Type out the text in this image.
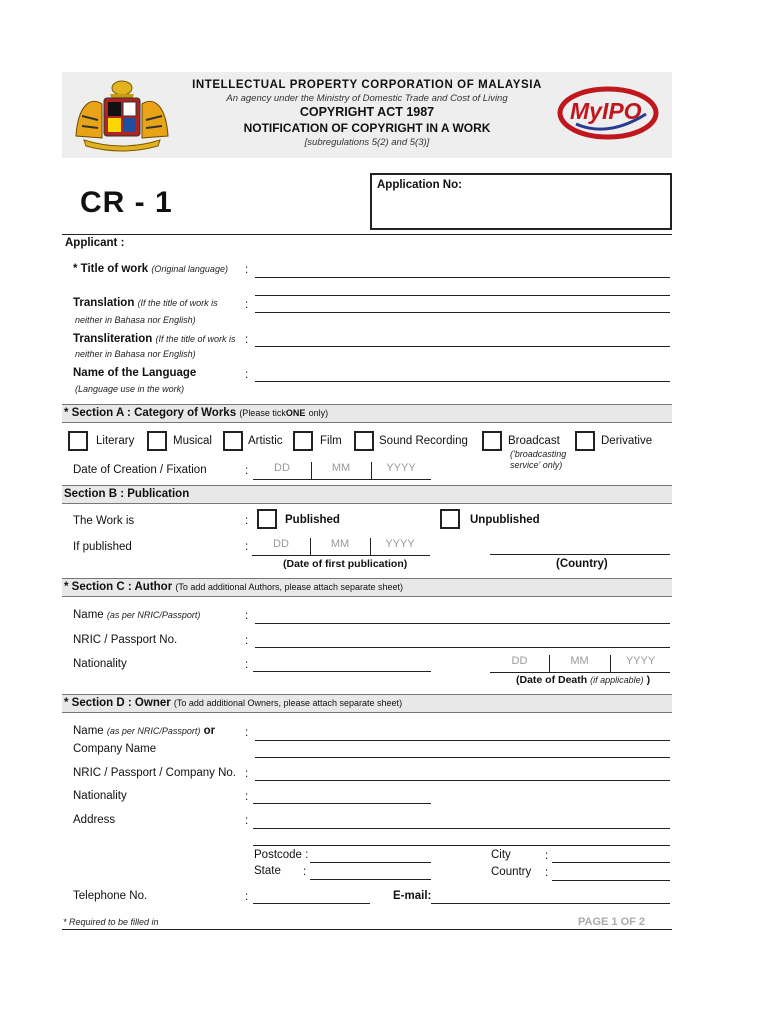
INTELLECTUAL PROPERTY CORPORATION OF MALAYSIA
An agency under the Ministry of Domestic Trade and Cost of Living
COPYRIGHT ACT 1987
NOTIFICATION OF COPYRIGHT IN A WORK
[subregulations 5(2) and 5(3)]
MyIPO
CR - 1
Application No:
Applicant :
* Title of work (Original language) :
Translation (If the title of work is
neither in Bahasa nor English)
:
Transliteration (If the title of work is
neither in Bahasa nor English)
:
Name of the Language
(Language use in the work)
:
* Section A : Category of Works (Please tickONE only)
Literary	Musical	Artistic	Film	Sound Recording	Broadcast
('broadcasting
service' only)
Derivative
Date of Creation / Fixation	:	DD	MM	YYYY
Section B : Publication
The Work is	:	Published	Unpublished
If published	:	DD	MM	YYYY
(Date of first publication)	(Country)
* Section C : Author (To add additional Authors, please attach separate sheet)
Name (as per NRIC/Passport)	:
NRIC / Passport No.	:
Nationality	:	DD	MM	YYYY
(Date of Death (if applicable) )
* Section D : Owner (To add additional Owners, please attach separate sheet)
Name (as per NRIC/Passport) or
Company Name
:
NRIC / Passport / Company No. :
Nationality	:
Address	:
Postcode :
State :
City	:
Country :
Telephone No.	:	E-mail:
* Required to be filled in	PAGE 1 OF 2
